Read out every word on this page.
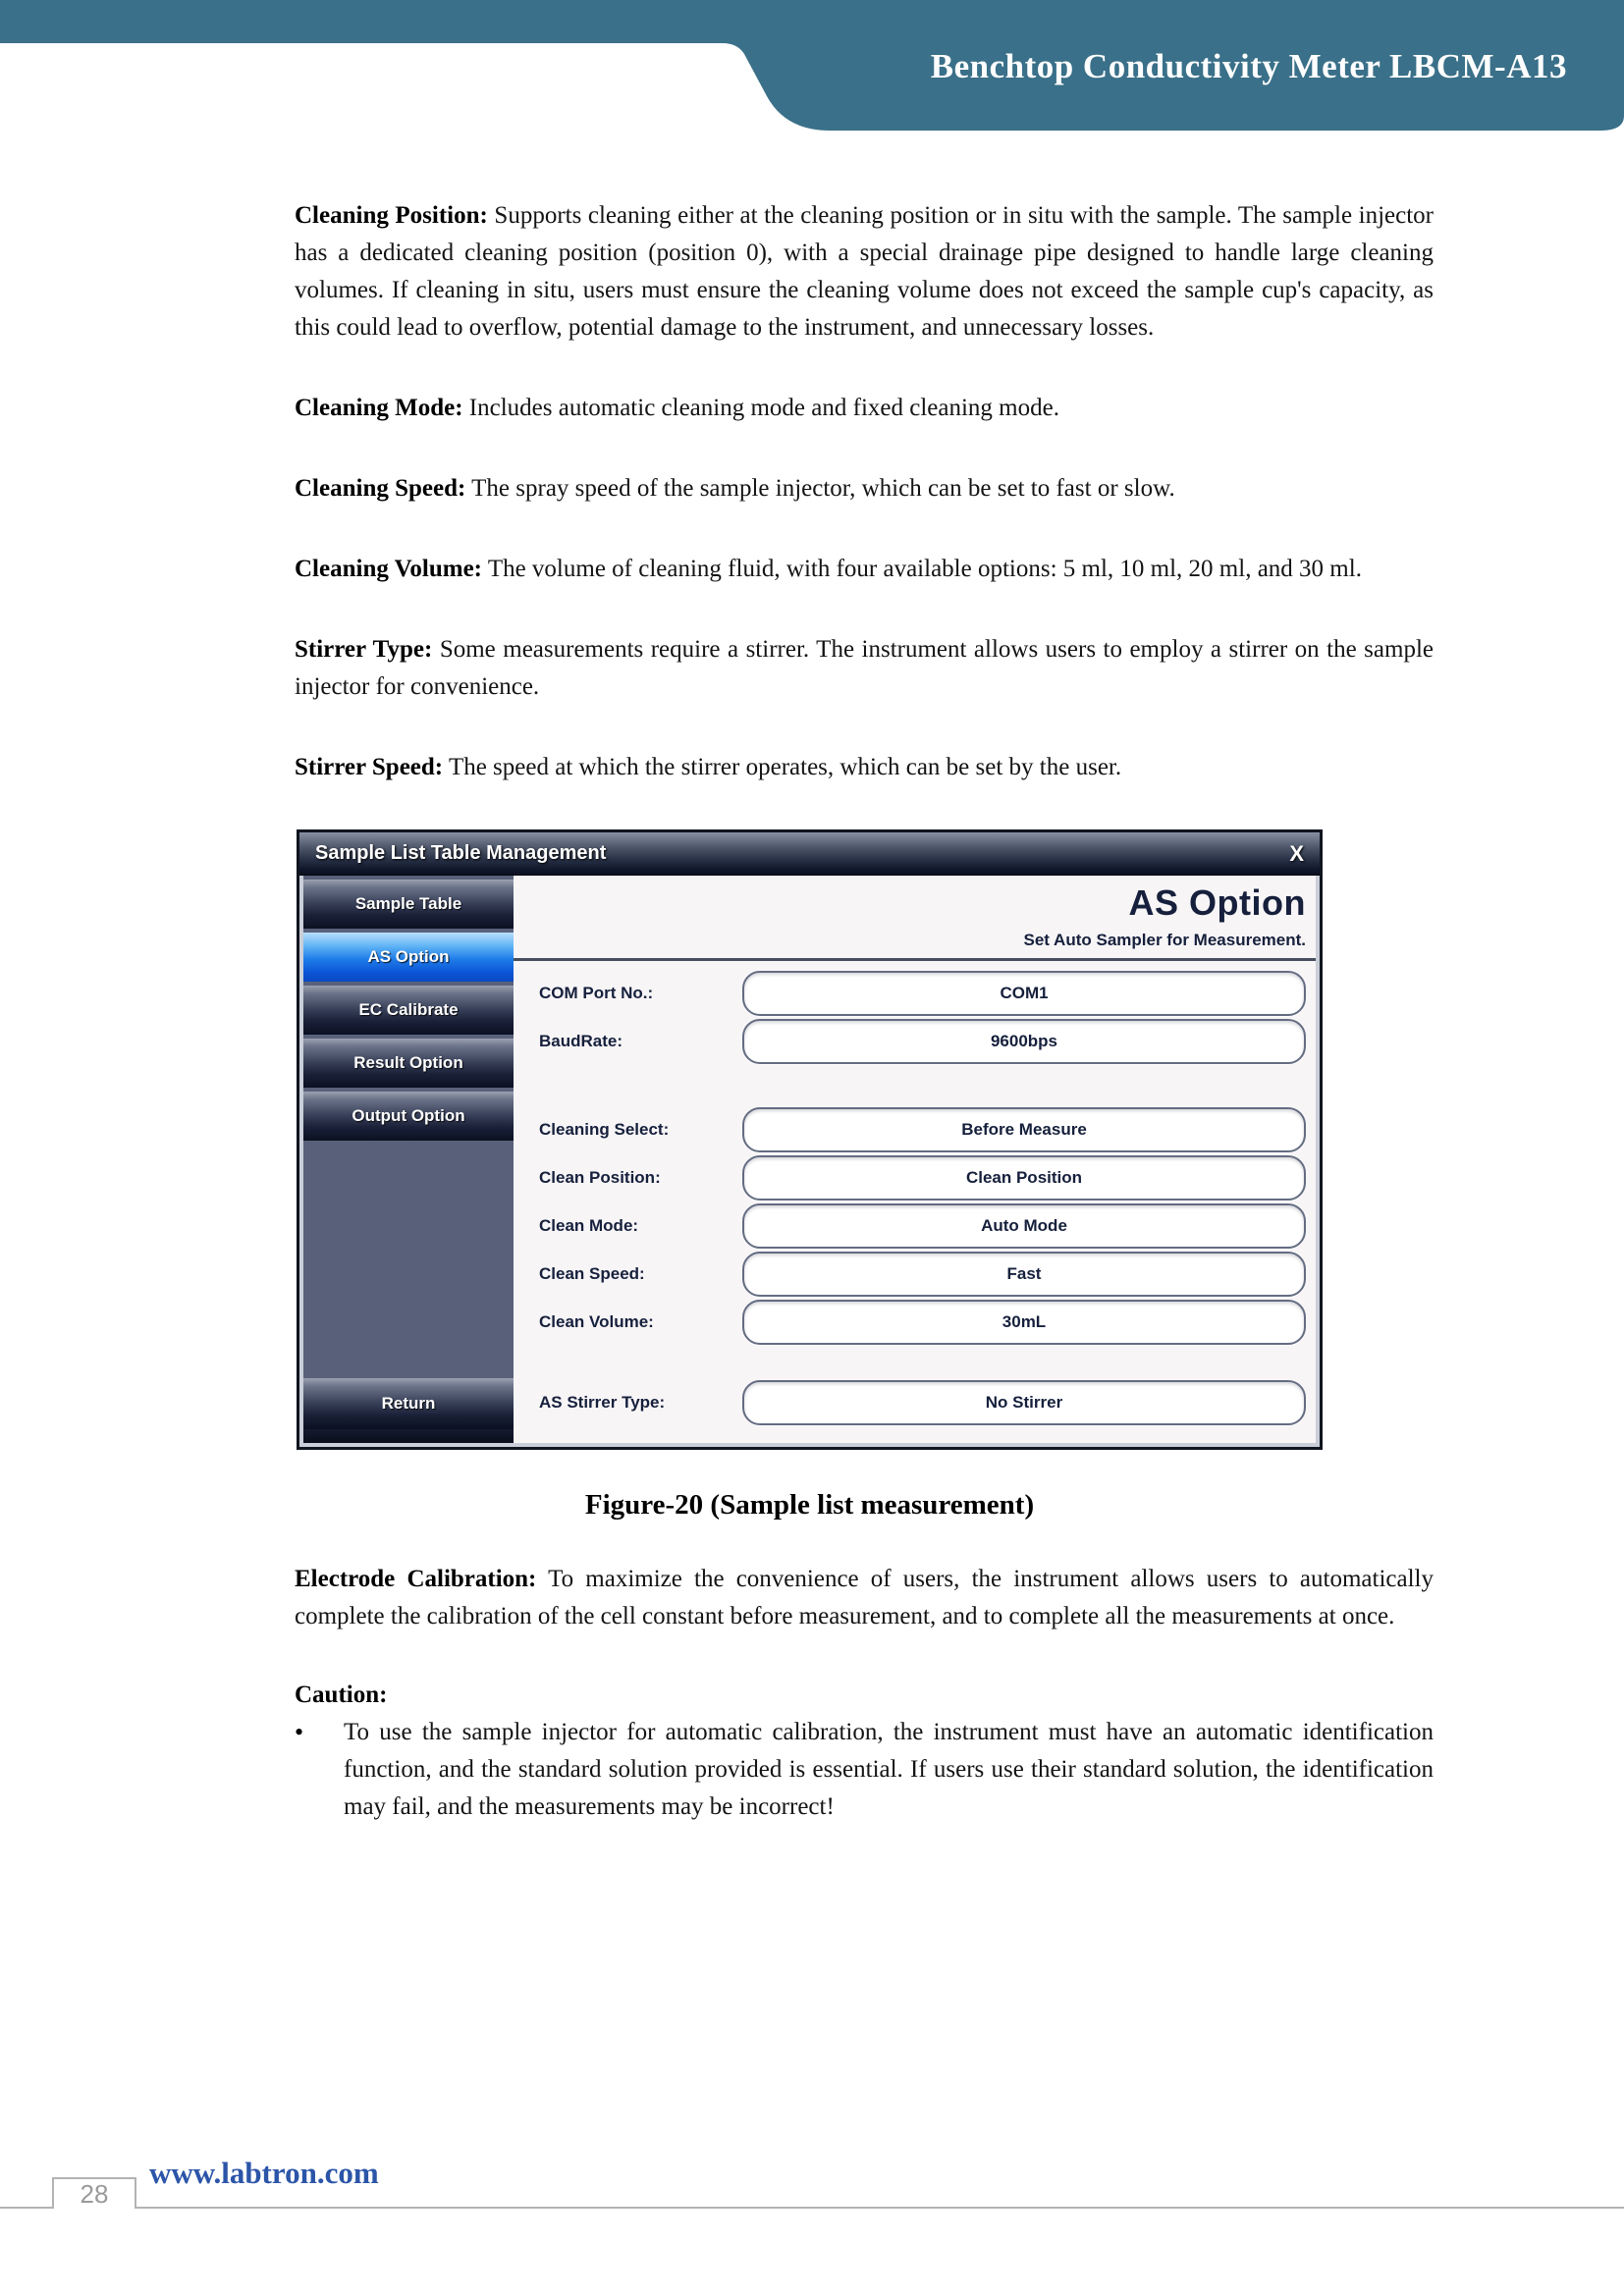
Benchtop Conductivity Meter LBCM-A13

Cleaning Position: Supports cleaning either at the cleaning position or in situ with the sample. The sample injector has a dedicated cleaning position (position 0), with a special drainage pipe designed to handle large cleaning volumes. If cleaning in situ, users must ensure the cleaning volume does not exceed the sample cup's capacity, as this could lead to overflow, potential damage to the instrument, and unnecessary losses.

Cleaning Mode: Includes automatic cleaning mode and fixed cleaning mode.

Cleaning Speed: The spray speed of the sample injector, which can be set to fast or slow.

Cleaning Volume: The volume of cleaning fluid, with four available options: 5 ml, 10 ml, 20 ml, and 30 ml.

Stirrer Type: Some measurements require a stirrer. The instrument allows users to employ a stirrer on the sample injector for convenience.

Stirrer Speed: The speed at which the stirrer operates, which can be set by the user.

Sample List Table Management	X
Sample Table
AS Option
EC Calibrate
Result Option
Output Option
Return
AS Option
Set Auto Sampler for Measurement.
COM Port No.:	COM1
BaudRate:	9600bps
Cleaning Select:	Before Measure
Clean Position:	Clean Position
Clean Mode:	Auto Mode
Clean Speed:	Fast
Clean Volume:	30mL
AS Stirrer Type:	No Stirrer
Figure-20 (Sample list measurement)

Electrode Calibration: To maximize the convenience of users, the instrument allows users to automatically complete the calibration of the cell constant before measurement, and to complete all the measurements at once.

Caution:
•	To use the sample injector for automatic calibration, the instrument must have an automatic identification function, and the standard solution provided is essential. If users use their standard solution, the identification may fail, and the measurements may be incorrect!
www.labtron.com
28
